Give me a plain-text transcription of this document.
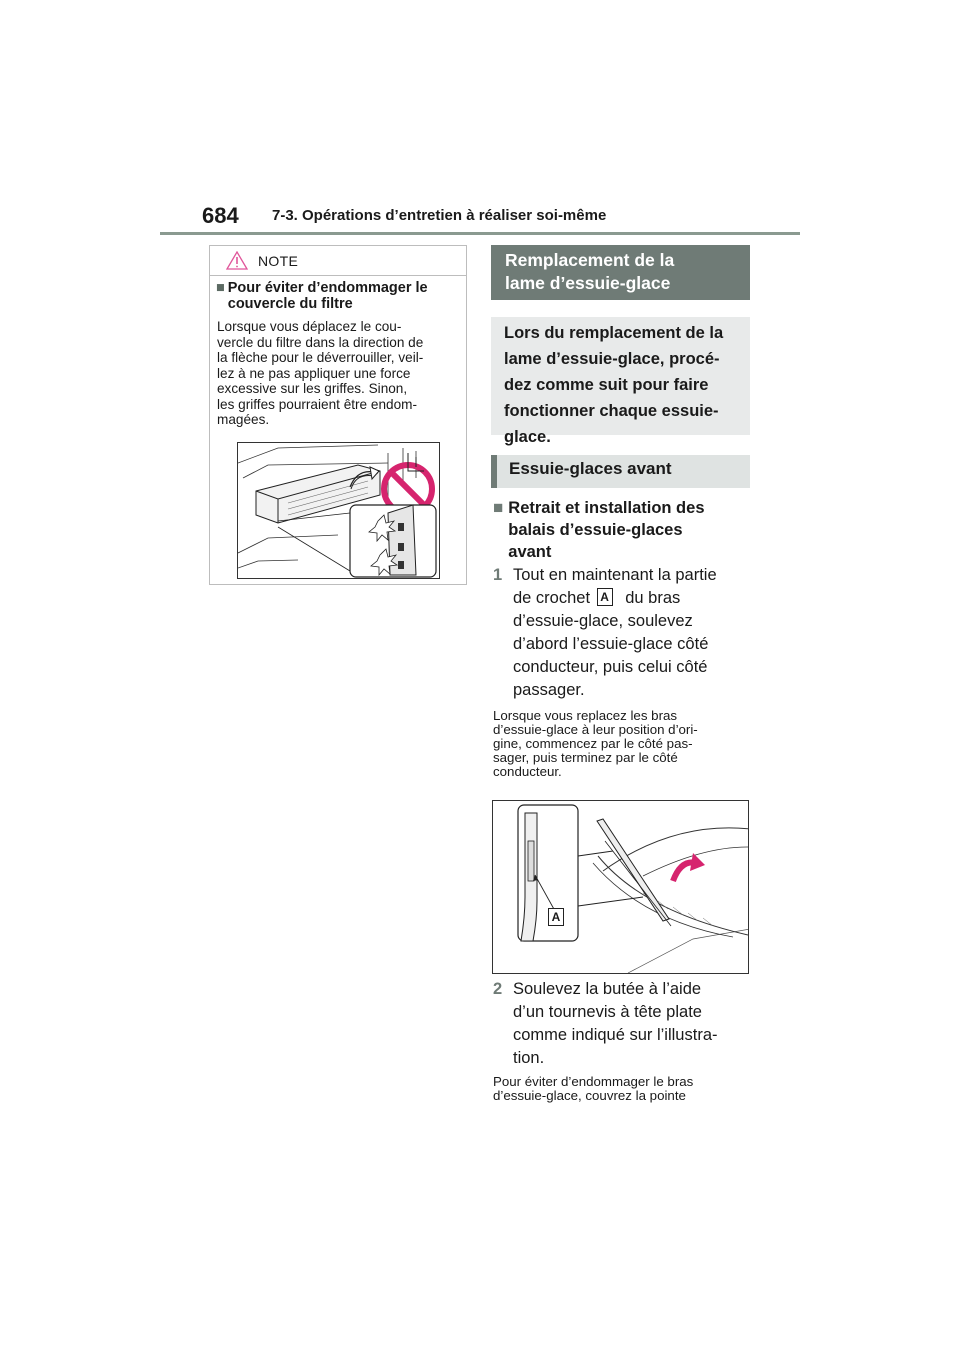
684 7-3. Opérations d’entretien à réaliser soi-même
NOTE
■ Pour éviter d’endommager le couvercle du filtre
Lorsque vous déplacez le cou-
vercle du filtre dans la direction de
la flèche pour le déverrouiller, veil-
lez à ne pas appliquer une force
excessive sur les griffes. Sinon,
les griffes pourraient être endom-
magées.
Remplacement de la
lame d’essuie-glace
Lors du remplacement de la
lame d’essuie-glace, procé-
dez comme suit pour faire
fonctionner chaque essuie-
glace.
Essuie-glaces avant
■ Retrait et installation des
balais d’essuie-glaces
avant
1 Tout en maintenant la partie
de crochet A du bras
d’essuie-glace, soulevez
d’abord l’essuie-glace côté
conducteur, puis celui côté
passager.
Lorsque vous replacez les bras
d’essuie-glace à leur position d’ori-
gine, commencez par le côté pas-
sager, puis terminez par le côté
conducteur.
A
2 Soulevez la butée à l’aide
d’un tournevis à tête plate
comme indiqué sur l’illustra-
tion.
Pour éviter d’endommager le bras
d’essuie-glace, couvrez la pointe
